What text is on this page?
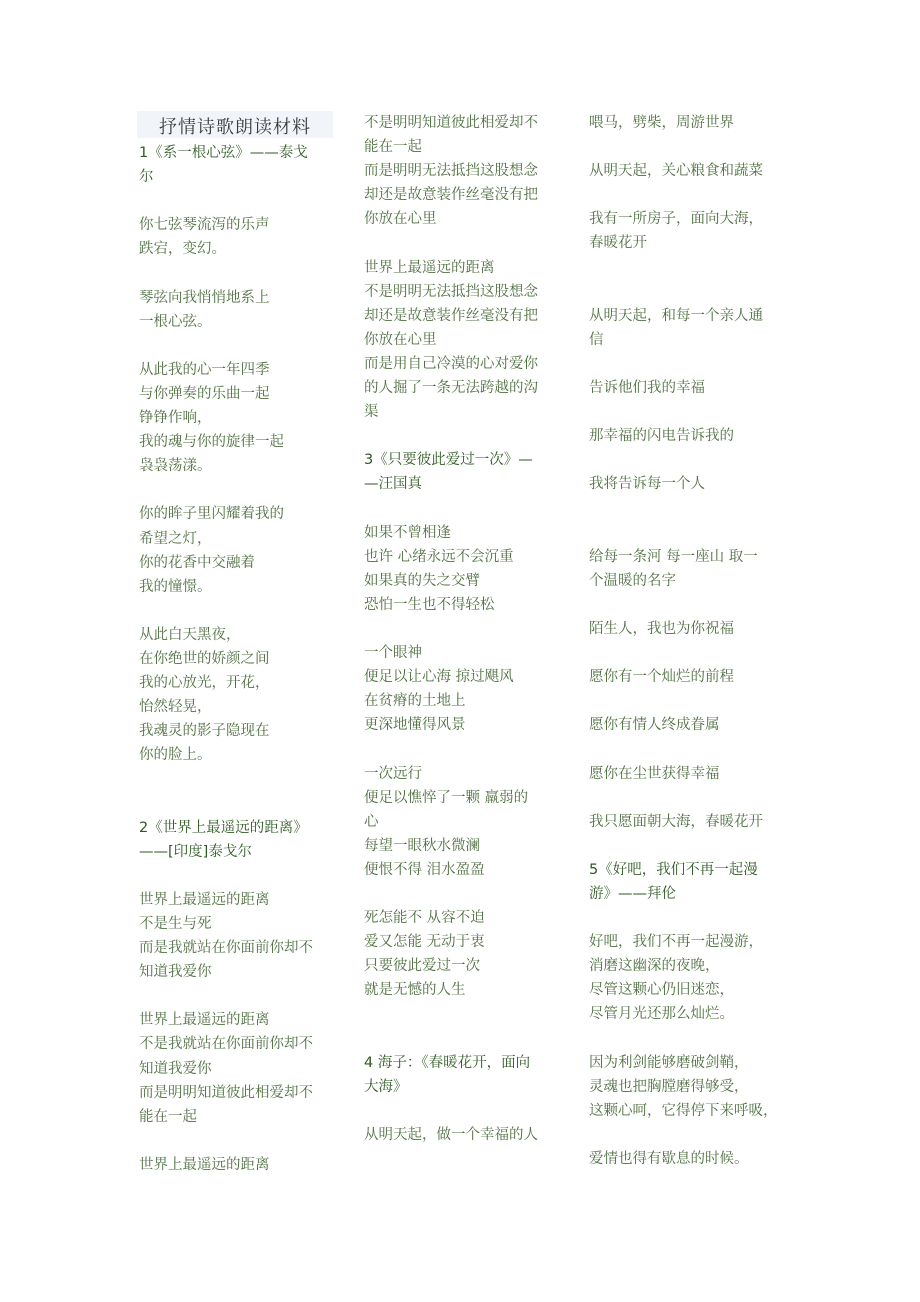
抒情诗歌朗读材料
1《系一根心弦》——泰戈
尔
你七弦琴流泻的乐声
跌宕，变幻。
琴弦向我悄悄地系上
一根心弦。
从此我的心一年四季
与你弹奏的乐曲一起
铮铮作响，
我的魂与你的旋律一起
袅袅荡漾。
你的眸子里闪耀着我的
希望之灯，
你的花香中交融着
我的憧憬。
从此白天黑夜，
在你绝世的娇颜之间
我的心放光，开花，
怡然轻晃，
我魂灵的影子隐现在
你的脸上。
2《世界上最遥远的距离》
——[印度]泰戈尔
世界上最遥远的距离
不是生与死
而是我就站在你面前你却不
知道我爱你
世界上最遥远的距离
不是我就站在你面前你却不
知道我爱你
而是明明知道彼此相爱却不
能在一起
世界上最遥远的距离
不是明明知道彼此相爱却不
能在一起
而是明明无法抵挡这股想念
却还是故意装作丝毫没有把
你放在心里
世界上最遥远的距离
不是明明无法抵挡这股想念
却还是故意装作丝毫没有把
你放在心里
而是用自己冷漠的心对爱你
的人掘了一条无法跨越的沟
渠
3《只要彼此爱过一次》—
—汪国真
如果不曾相逢
也许 心绪永远不会沉重
如果真的失之交臂
恐怕一生也不得轻松
一个眼神
便足以让心海 掠过飓风
在贫瘠的土地上
更深地懂得风景
一次远行
便足以憔悴了一颗 羸弱的
心
每望一眼秋水微澜
便恨不得 泪水盈盈
死怎能不 从容不迫
爱又怎能 无动于衷
只要彼此爱过一次
就是无憾的人生
4 海子：《春暖花开，面向
大海》
从明天起，做一个幸福的人
喂马，劈柴，周游世界
从明天起，关心粮食和蔬菜
我有一所房子，面向大海，
春暖花开
从明天起，和每一个亲人通
信
告诉他们我的幸福
那幸福的闪电告诉我的
我将告诉每一个人
给每一条河 每一座山 取一
个温暖的名字
陌生人，我也为你祝福
愿你有一个灿烂的前程
愿你有情人终成眷属
愿你在尘世获得幸福
我只愿面朝大海，春暖花开
5《好吧，我们不再一起漫
游》——拜伦
好吧，我们不再一起漫游，
消磨这幽深的夜晚，
尽管这颗心仍旧迷恋，
尽管月光还那么灿烂。
因为利剑能够磨破剑鞘，
灵魂也把胸膛磨得够受，
这颗心呵，它得停下来呼吸，
爱情也得有歇息的时候。
